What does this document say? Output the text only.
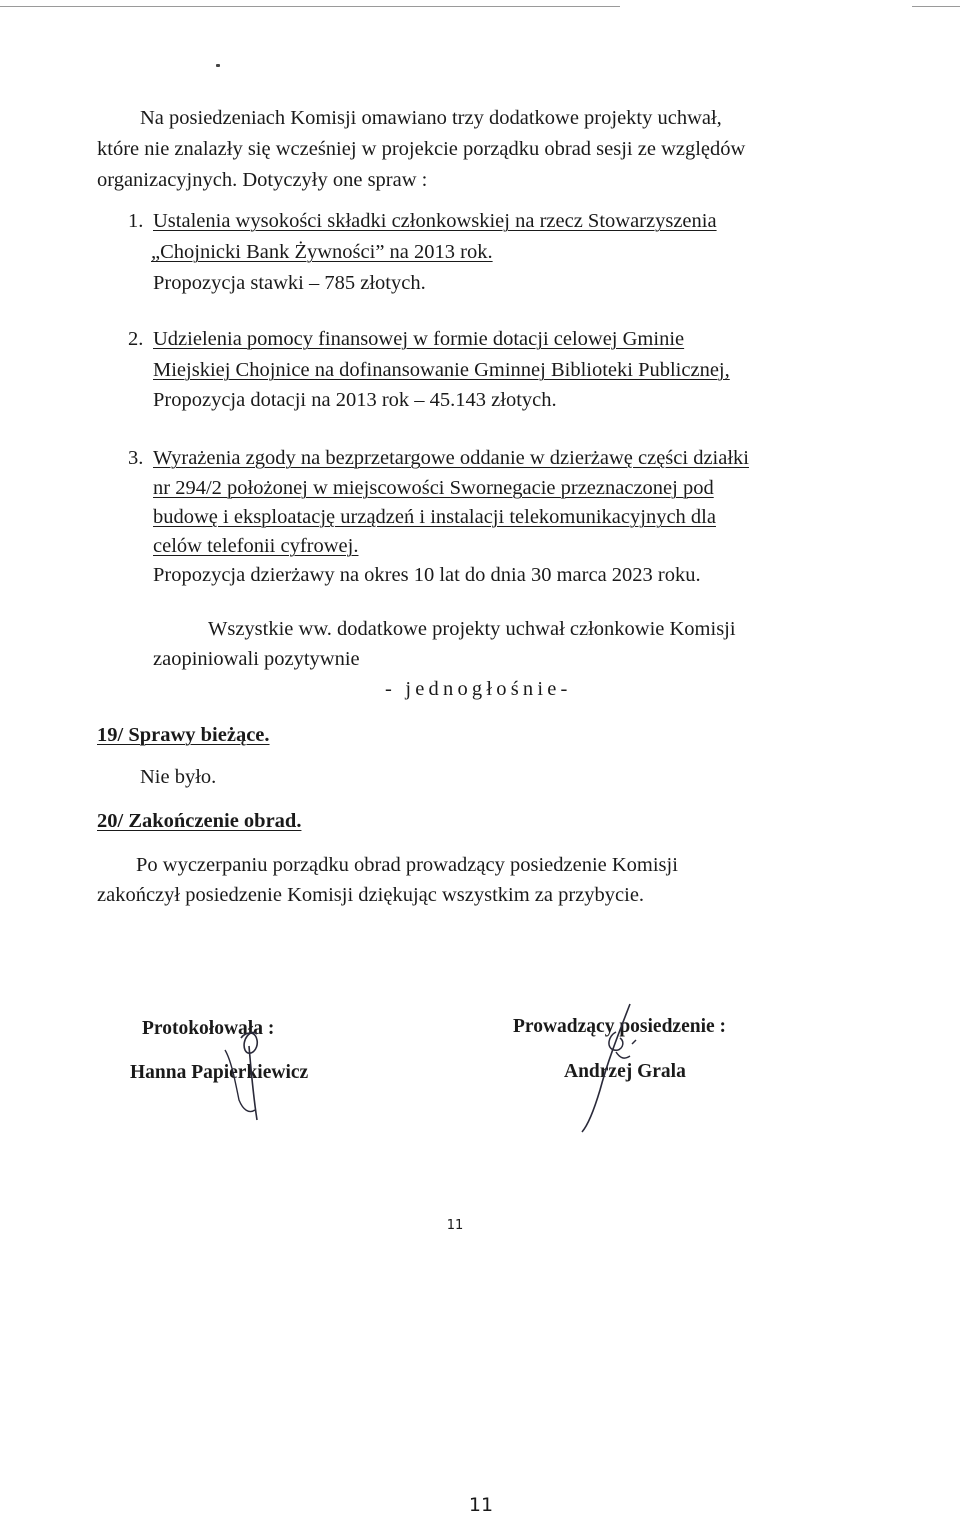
Na posiedzeniach Komisji omawiano trzy dodatkowe projekty uchwał,
które nie znalazły się wcześniej w projekcie porządku obrad sesji ze względów
organizacyjnych. Dotyczyły one spraw :
1. Ustalenia wysokości składki członkowskiej na rzecz Stowarzyszenia
„Chojnicki Bank Żywności” na 2013 rok.
Propozycja stawki – 785 złotych.
2. Udzielenia pomocy finansowej w formie dotacji celowej Gminie
Miejskiej Chojnice na dofinansowanie Gminnej Biblioteki Publicznej,
Propozycja dotacji na 2013 rok – 45.143 złotych.
3. Wyrażenia zgody na bezprzetargowe oddanie w dzierżawę części działki
nr 294/2 położonej w miejscowości Swornegacie przeznaczonej pod
budowę i eksploatację urządzeń i instalacji telekomunikacyjnych dla
celów telefonii cyfrowej.
Propozycja dzierżawy na okres 10 lat do dnia 30 marca 2023 roku.
Wszystkie ww. dodatkowe projekty uchwał członkowie Komisji
zaopiniowali pozytywnie
- jednogłośnie-
19/ Sprawy bieżące.
Nie było.
20/ Zakończenie obrad.
Po wyczerpaniu porządku obrad prowadzący posiedzenie Komisji
zakończył posiedzenie Komisji dziękując wszystkim za przybycie.
Protokołowała :
Hanna Papierkiewicz
Prowadzący posiedzenie :
Andrzej Grala
11
11
